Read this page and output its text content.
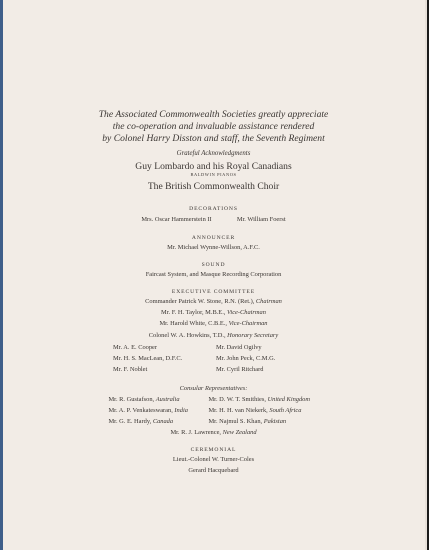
The Associated Commonwealth Societies greatly appreciate
the co-operation and invaluable assistance rendered
by Colonel Harry Disston and staff, the Seventh Regiment
Grateful Acknowledgments
Guy Lombardo and his Royal Canadians
BALDWIN PIANOS
The British Commonwealth Choir
DECORATIONS
Mrs. Oscar Hammerstein II	Mr. William Foerst
ANNOUNCER
Mr. Michael Wynne-Willson, A.F.C.
SOUND
Faircast System, and Masque Recording Corporation
EXECUTIVE COMMITTEE
Commander Patrick W. Stone, R.N. (Ret.), Chairman
Mr. F. H. Taylor, M.B.E., Vice-Chairman
Mr. Harold White, C.B.E., Vice-Chairman
Colonel W. A. Howkins, T.D., Honorary Secretary
Mr. A. E. Cooper	Mr. David Ogilvy
Mr. H. S. MacLean, D.F.C.	Mr. John Peck, C.M.G.
Mr. F. Noblet	Mr. Cyril Ritchard
Consular Representatives:
Mr. R. Gustafson, Australia	Mr. D. W. T. Smithies, United Kingdom
Mr. A. P. Venkateswaran, India	Mr. H. H. van Niekerk, South Africa
Mr. G. E. Hardy, Canada	Mr. Najmul S. Khan, Pakistan
Mr. R. J. Lawrence, New Zealand
CEREMONIAL
Lieut.-Colonel W. Turner-Coles
Gerard Hacquebard
